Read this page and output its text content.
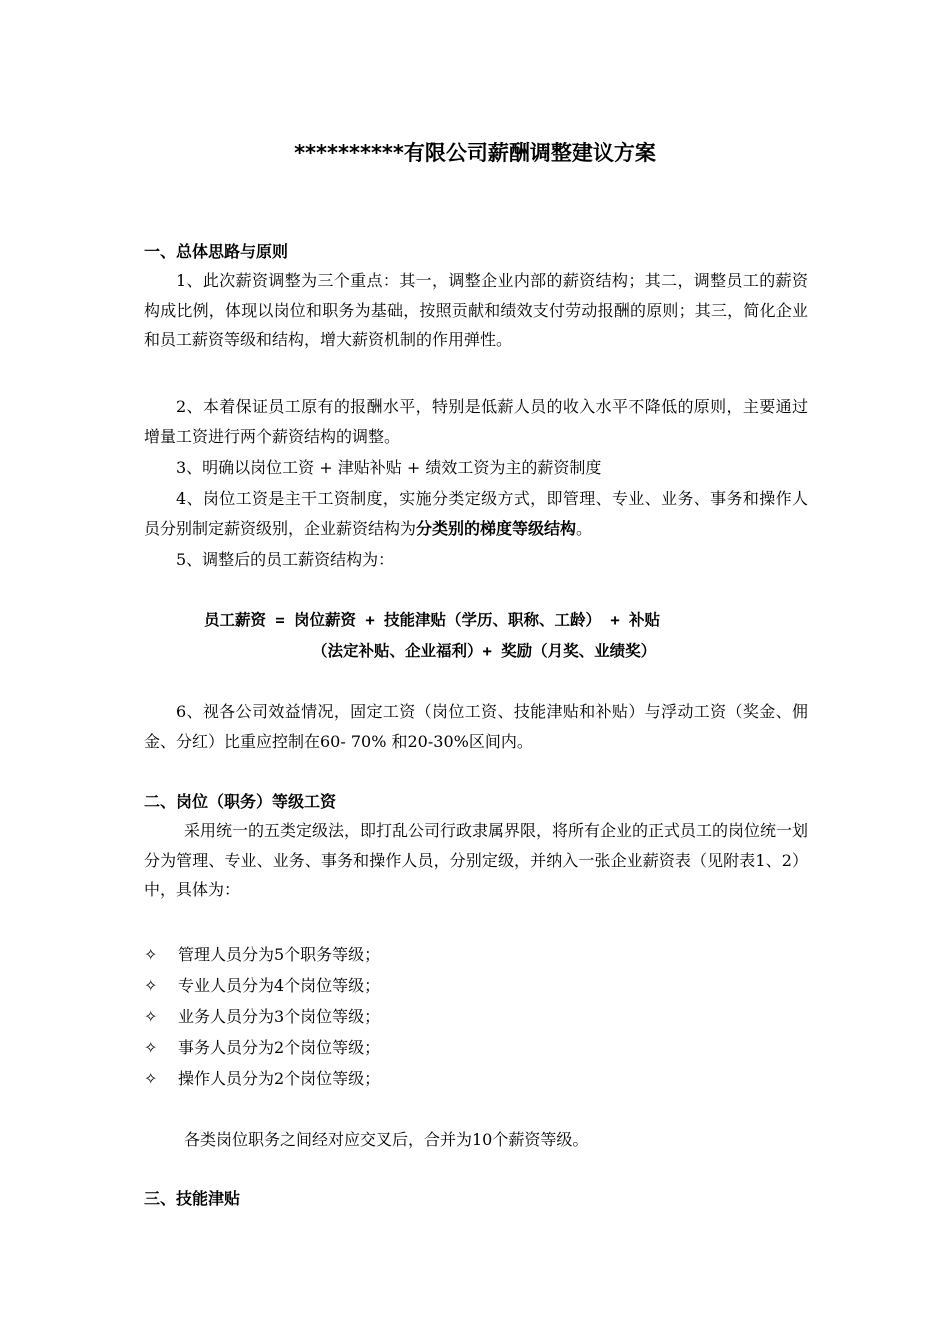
**********有限公司薪酬调整建议方案
一、总体思路与原则
1、此次薪资调整为三个重点：其一，调整企业内部的薪资结构；其二，调整员工的薪资构成比例，体现以岗位和职务为基础，按照贡献和绩效支付劳动报酬的原则；其三，简化企业和员工薪资等级和结构，增大薪资机制的作用弹性。
2、本着保证员工原有的报酬水平，特别是低薪人员的收入水平不降低的原则，主要通过增量工资进行两个薪资结构的调整。
3、明确以岗位工资 + 津贴补贴 + 绩效工资为主的薪资制度
4、岗位工资是主干工资制度，实施分类定级方式，即管理、专业、业务、事务和操作人员分别制定薪资级别，企业薪资结构为分类别的梯度等级结构。
5、调整后的员工薪资结构为：
员工薪资 = 岗位薪资 + 技能津贴（学历、职称、工龄） + 补贴
（法定补贴、企业福利）+ 奖励（月奖、业绩奖）
6、视各公司效益情况，固定工资（岗位工资、技能津贴和补贴）与浮动工资（奖金、佣金、分红）比重应控制在60- 70% 和20-30%区间内。
二、岗位（职务）等级工资
采用统一的五类定级法，即打乱公司行政隶属界限，将所有企业的正式员工的岗位统一划分为管理、专业、业务、事务和操作人员，分别定级，并纳入一张企业薪资表（见附表1、2）中，具体为：
✧ 管理人员分为5个职务等级；
✧ 专业人员分为4个岗位等级；
✧ 业务人员分为3个岗位等级；
✧ 事务人员分为2个岗位等级；
✧ 操作人员分为2个岗位等级；
各类岗位职务之间经对应交叉后，合并为10个薪资等级。
三、技能津贴
